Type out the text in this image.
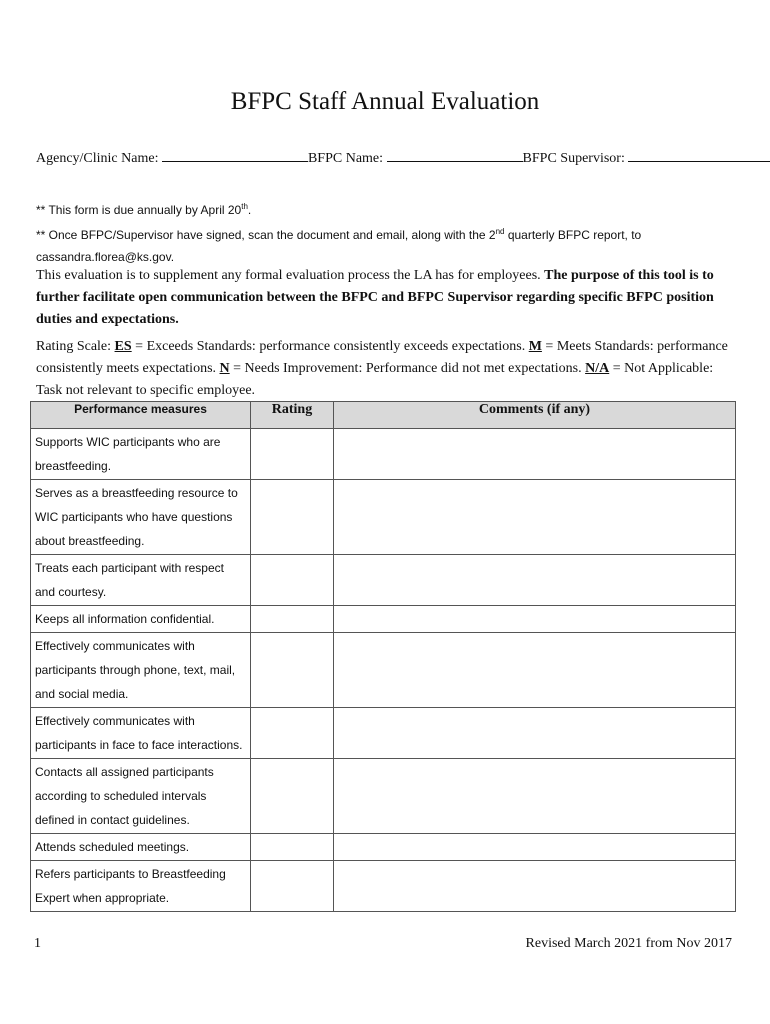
BFPC Staff Annual Evaluation
Agency/Clinic Name:	BFPC Name:	BFPC Supervisor:
** This form is due annually by April 20th.
** Once BFPC/Supervisor have signed, scan the document and email, along with the 2nd quarterly BFPC report, to cassandra.florea@ks.gov.
This evaluation is to supplement any formal evaluation process the LA has for employees. The purpose of this tool is to further facilitate open communication between the BFPC and BFPC Supervisor regarding specific BFPC position duties and expectations.
Rating Scale: ES = Exceeds Standards: performance consistently exceeds expectations. M = Meets Standards: performance consistently meets expectations. N = Needs Improvement: Performance did not met expectations. N/A = Not Applicable: Task not relevant to specific employee.
Performance measures	Rating	Comments (if any)
Supports WIC participants who are breastfeeding.		
Serves as a breastfeeding resource to WIC participants who have questions about breastfeeding.		
Treats each participant with respect and courtesy.		
Keeps all information confidential.		
Effectively communicates with participants through phone, text, mail, and social media.		
Effectively communicates with participants in face to face interactions.		
Contacts all assigned participants according to scheduled intervals defined in contact guidelines.		
Attends scheduled meetings.		
Refers participants to Breastfeeding Expert when appropriate.		
1	Revised March 2021 from Nov 2017
